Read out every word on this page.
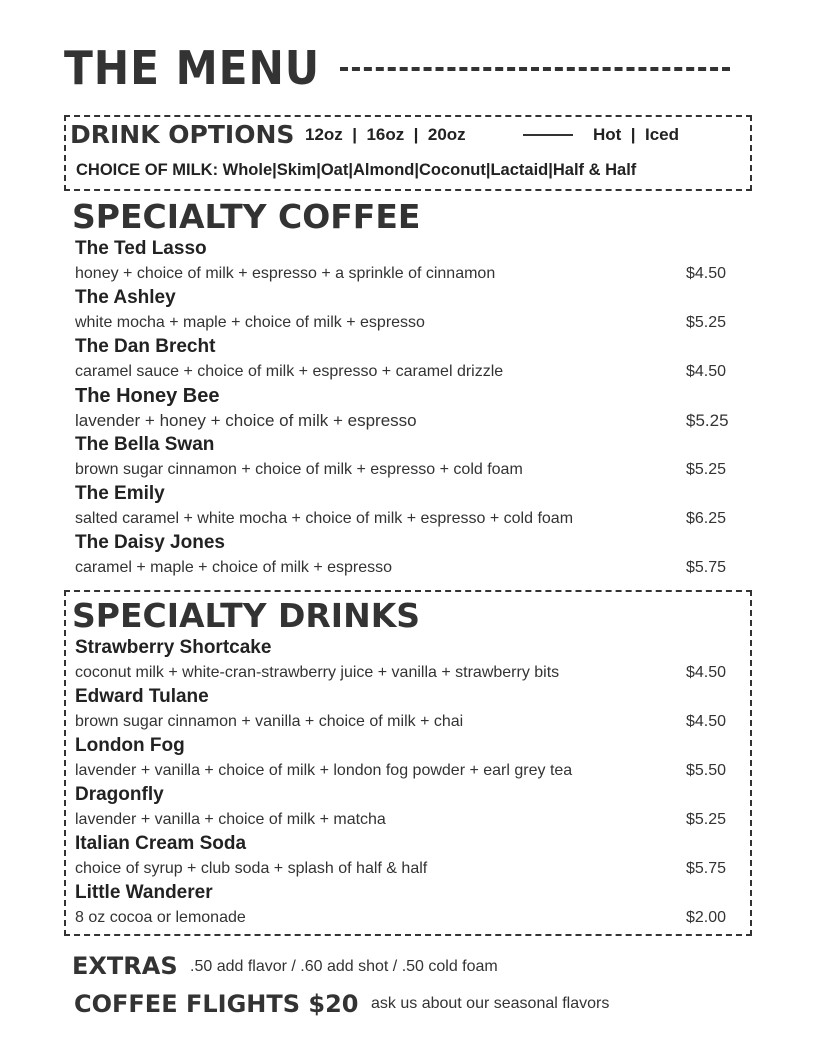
THE MENU
DRINK OPTIONS 12oz  |  16oz  |  20oz	Hot  |  Iced
CHOICE OF MILK: Whole|Skim|Oat|Almond|Coconut|Lactaid|Half & Half
SPECIALTY COFFEE
The Ted Lasso
honey + choice of milk + espresso + a sprinkle of cinnamon	$4.50
The Ashley
white mocha + maple + choice of milk + espresso	$5.25
The Dan Brecht
caramel sauce + choice of milk + espresso + caramel drizzle	$4.50
The Honey Bee
lavender + honey + choice of milk + espresso	$5.25
The Bella Swan
brown sugar cinnamon + choice of milk + espresso + cold foam	$5.25
The Emily
salted caramel + white mocha + choice of milk + espresso + cold foam	$6.25
The Daisy Jones
caramel + maple + choice of milk + espresso	$5.75
SPECIALTY DRINKS
Strawberry Shortcake
coconut milk + white-cran-strawberry juice + vanilla + strawberry bits	$4.50
Edward Tulane
brown sugar cinnamon + vanilla + choice of milk + chai	$4.50
London Fog
lavender + vanilla + choice of milk + london fog powder + earl grey tea	$5.50
Dragonfly
lavender + vanilla + choice of milk + matcha	$5.25
Italian Cream Soda
choice of syrup + club soda + splash of half & half	$5.75
Little Wanderer
8 oz cocoa or lemonade	$2.00
EXTRAS .50 add flavor / .60 add shot / .50 cold foam
COFFEE FLIGHTS $20 ask us about our seasonal flavors
